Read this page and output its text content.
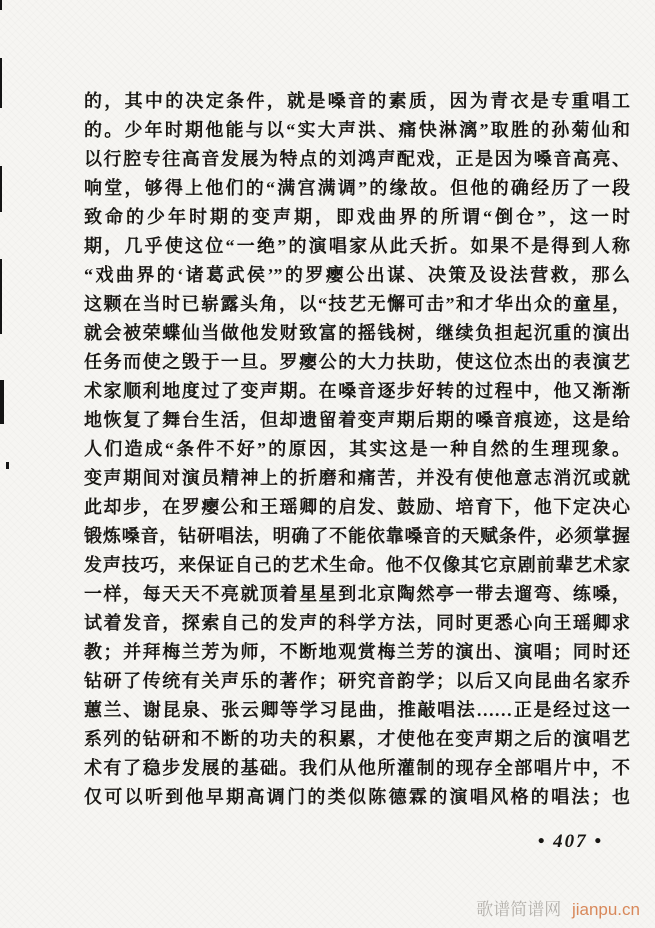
的，其中的决定条件，就是嗓音的素质，因为青衣是专重唱工
的。少年时期他能与以“实大声洪、痛快淋漓”取胜的孙菊仙和
以行腔专往高音发展为特点的刘鸿声配戏，正是因为嗓音高亮、
响堂，够得上他们的“满宫满调”的缘故。但他的确经历了一段
致命的少年时期的变声期，即戏曲界的所谓“倒仓”，这一时
期，几乎使这位“一绝”的演唱家从此夭折。如果不是得到人称
“戏曲界的‘诸葛武侯’”的罗瘿公出谋、决策及设法营救，那么
这颗在当时已崭露头角，以“技艺无懈可击”和才华出众的童星，
就会被荣蝶仙当做他发财致富的摇钱树，继续负担起沉重的演出
任务而使之毁于一旦。罗瘿公的大力扶助，使这位杰出的表演艺
术家顺利地度过了变声期。在嗓音逐步好转的过程中，他又渐渐
地恢复了舞台生活，但却遗留着变声期后期的嗓音痕迹，这是给
人们造成“条件不好”的原因，其实这是一种自然的生理现象。
变声期间对演员精神上的折磨和痛苦，并没有使他意志消沉或就
此却步，在罗瘿公和王瑶卿的启发、鼓励、培育下，他下定决心
锻炼嗓音，钻研唱法，明确了不能依靠嗓音的天赋条件，必须掌握
发声技巧，来保证自己的艺术生命。他不仅像其它京剧前辈艺术家
一样，每天天不亮就顶着星星到北京陶然亭一带去遛弯、练嗓，
试着发音，探索自己的发声的科学方法，同时更悉心向王瑶卿求
教；并拜梅兰芳为师，不断地观赏梅兰芳的演出、演唱；同时还
钻研了传统有关声乐的著作；研究音韵学；以后又向昆曲名家乔
蕙兰、谢昆泉、张云卿等学习昆曲，推敲唱法……正是经过这一
系列的钻研和不断的功夫的积累，才使他在变声期之后的演唱艺
术有了稳步发展的基础。我们从他所灌制的现存全部唱片中，不
仅可以听到他早期高调门的类似陈德霖的演唱风格的唱法；也
• 407 •
歌谱简谱网 jianpu.cn
